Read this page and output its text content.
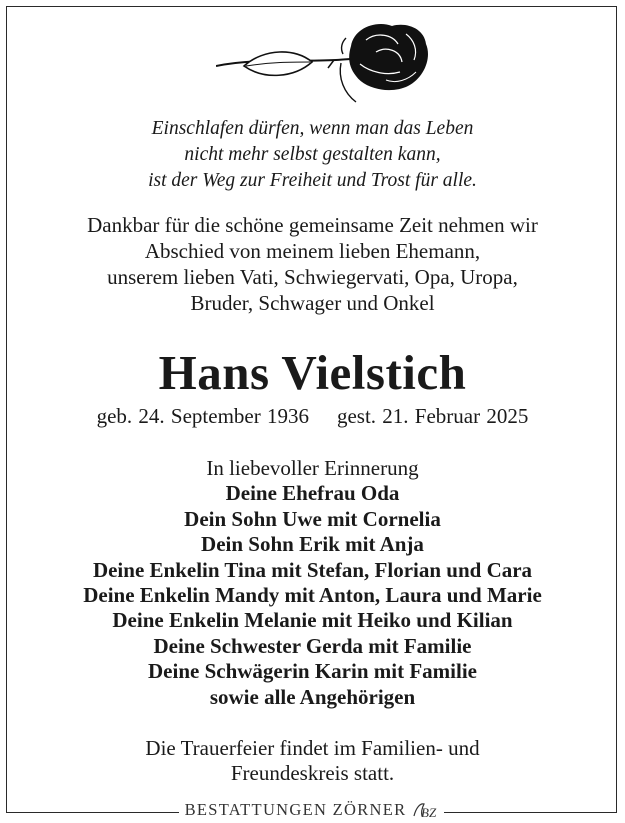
Einschlafen dürfen, wenn man das Leben
nicht mehr selbst gestalten kann,
ist der Weg zur Freiheit und Trost für alle.
Dankbar für die schöne gemeinsame Zeit nehmen wir
Abschied von meinem lieben Ehemann,
unserem lieben Vati, Schwiegervati, Opa, Uropa,
Bruder, Schwager und Onkel
Hans Vielstich
geb. 24. September 1936 gest. 21. Februar 2025
In liebevoller Erinnerung
Deine Ehefrau Oda
Dein Sohn Uwe mit Cornelia
Dein Sohn Erik mit Anja
Deine Enkelin Tina mit Stefan, Florian und Cara
Deine Enkelin Mandy mit Anton, Laura und Marie
Deine Enkelin Melanie mit Heiko und Kilian
Deine Schwester Gerda mit Familie
Deine Schwägerin Karin mit Familie
sowie alle Angehörigen
Die Trauerfeier findet im Familien- und
Freundeskreis statt.
BESTATTUNGEN ZÖRNER	BZ
